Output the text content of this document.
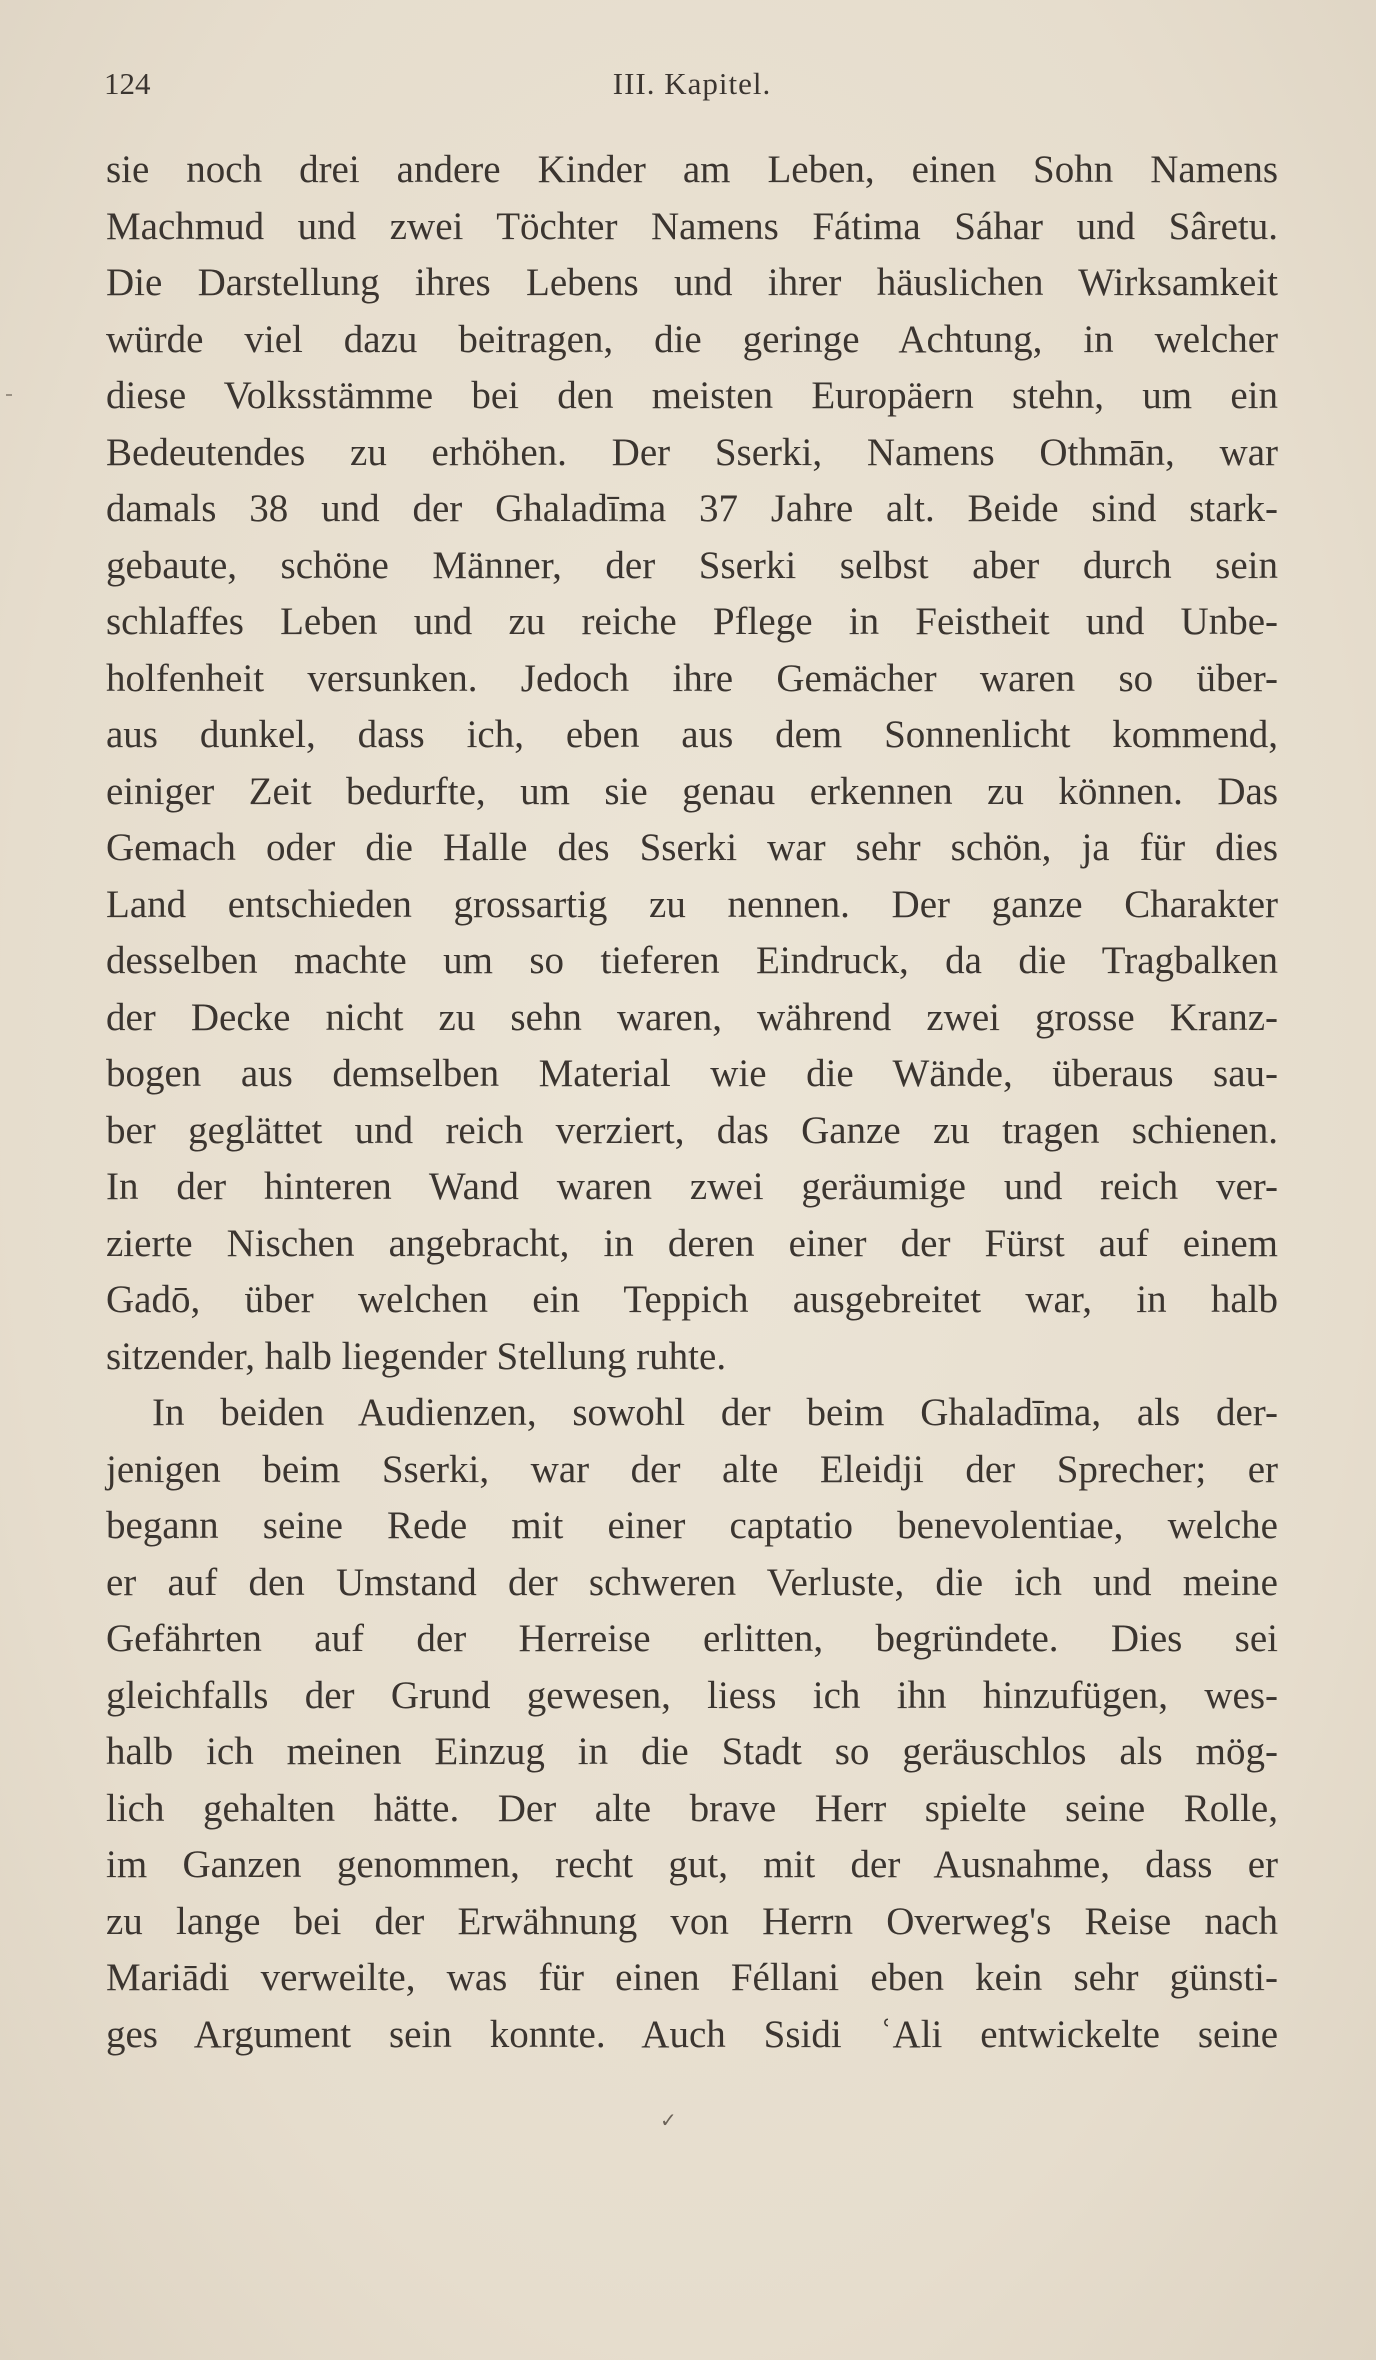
124	III. Kapitel.
sie noch drei andere Kinder am Leben, einen Sohn Namens
Machmud und zwei Töchter Namens Fátima Sáhar und Sâretu.
Die Darstellung ihres Lebens und ihrer häuslichen Wirksamkeit
würde viel dazu beitragen, die geringe Achtung, in welcher
diese Volksstämme bei den meisten Europäern stehn, um ein
Bedeutendes zu erhöhen. Der Sserki, Namens Othmān, war
damals 38 und der Ghaladīma 37 Jahre alt. Beide sind stark-
gebaute, schöne Männer, der Sserki selbst aber durch sein
schlaffes Leben und zu reiche Pflege in Feistheit und Unbe-
holfenheit versunken. Jedoch ihre Gemächer waren so über-
aus dunkel, dass ich, eben aus dem Sonnenlicht kommend,
einiger Zeit bedurfte, um sie genau erkennen zu können. Das
Gemach oder die Halle des Sserki war sehr schön, ja für dies
Land entschieden grossartig zu nennen. Der ganze Charakter
desselben machte um so tieferen Eindruck, da die Tragbalken
der Decke nicht zu sehn waren, während zwei grosse Kranz-
bogen aus demselben Material wie die Wände, überaus sau-
ber geglättet und reich verziert, das Ganze zu tragen schienen.
In der hinteren Wand waren zwei geräumige und reich ver-
zierte Nischen angebracht, in deren einer der Fürst auf einem
Gadō, über welchen ein Teppich ausgebreitet war, in halb
sitzender, halb liegender Stellung ruhte.
In beiden Audienzen, sowohl der beim Ghaladīma, als der-
jenigen beim Sserki, war der alte Eleidji der Sprecher; er
begann seine Rede mit einer captatio benevolentiae, welche
er auf den Umstand der schweren Verluste, die ich und meine
Gefährten auf der Herreise erlitten, begründete. Dies sei
gleichfalls der Grund gewesen, liess ich ihn hinzufügen, wes-
halb ich meinen Einzug in die Stadt so geräuschlos als mög-
lich gehalten hätte. Der alte brave Herr spielte seine Rolle,
im Ganzen genommen, recht gut, mit der Ausnahme, dass er
zu lange bei der Erwähnung von Herrn Overweg's Reise nach
Mariādi verweilte, was für einen Féllani eben kein sehr günsti-
ges Argument sein konnte. Auch Ssidi ʿAli entwickelte seine
✓
